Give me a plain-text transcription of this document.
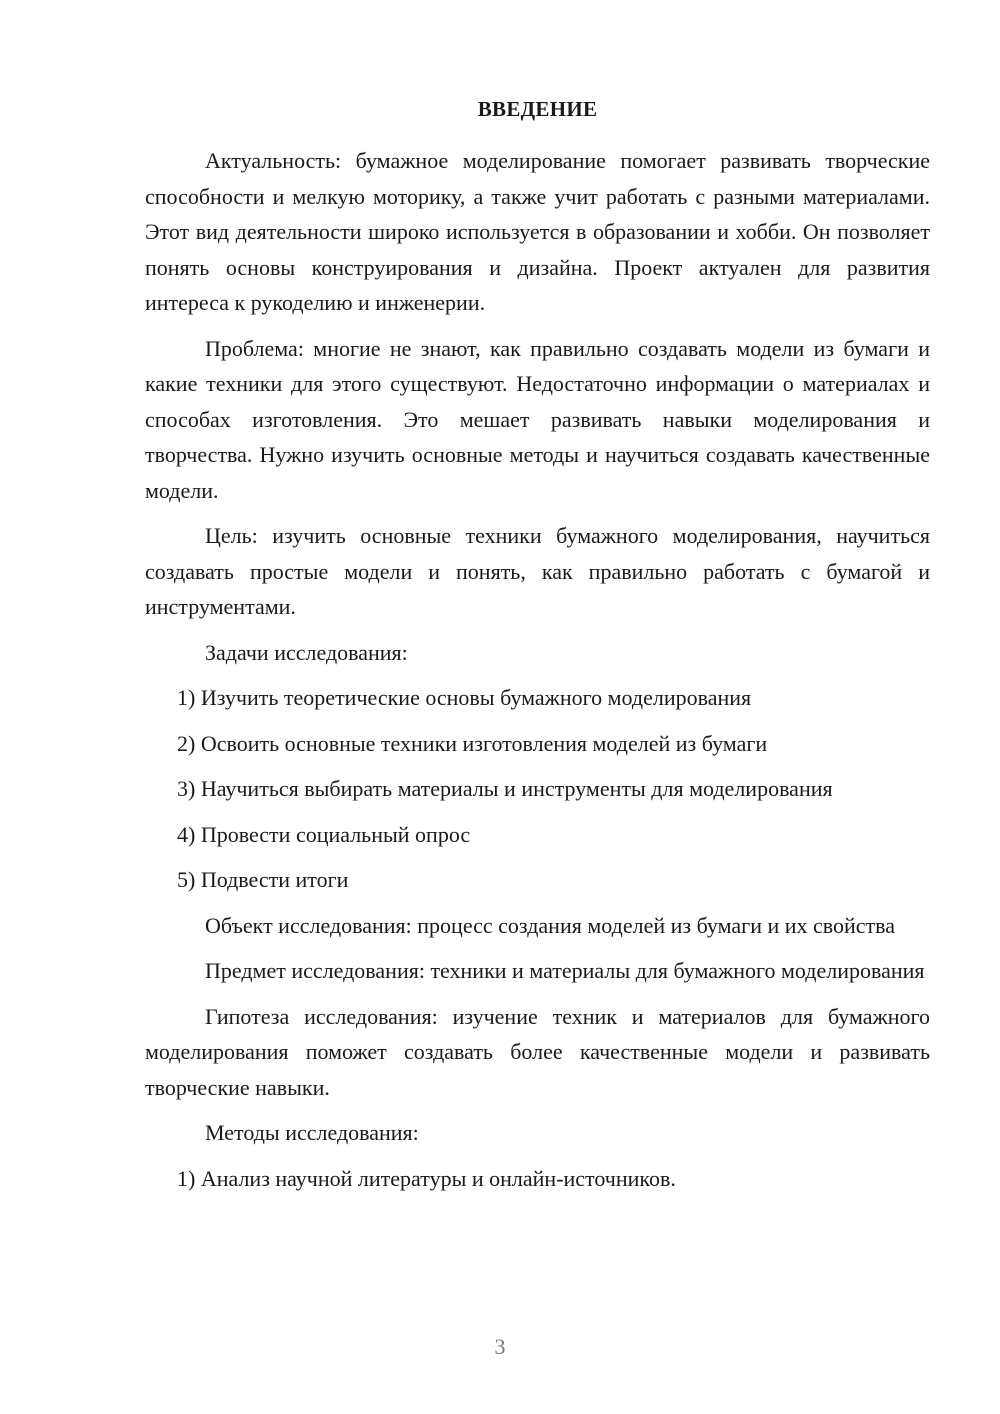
ВВЕДЕНИЕ

Актуальность: бумажное моделирование помогает развивать творческие способности и мелкую моторику, а также учит работать с разными материалами. Этот вид деятельности широко используется в образовании и хобби. Он позволяет понять основы конструирования и дизайна. Проект актуален для развития интереса к рукоделию и инженерии.

Проблема: многие не знают, как правильно создавать модели из бумаги и какие техники для этого существуют. Недостаточно информации о материалах и способах изготовления. Это мешает развивать навыки моделирования и творчества. Нужно изучить основные методы и научиться создавать качественные модели.

Цель: изучить основные техники бумажного моделирования, научиться создавать простые модели и понять, как правильно работать с бумагой и инструментами.

Задачи исследования:

1) Изучить теоретические основы бумажного моделирования
2) Освоить основные техники изготовления моделей из бумаги
3) Научиться выбирать материалы и инструменты для моделирования
4) Провести социальный опрос
5) Подвести итоги

Объект исследования: процесс создания моделей из бумаги и их свойства

Предмет исследования: техники и материалы для бумажного моделирования

Гипотеза исследования: изучение техник и материалов для бумажного моделирования поможет создавать более качественные модели и развивать творческие навыки.

Методы исследования:

1) Анализ научной литературы и онлайн-источников.
3
